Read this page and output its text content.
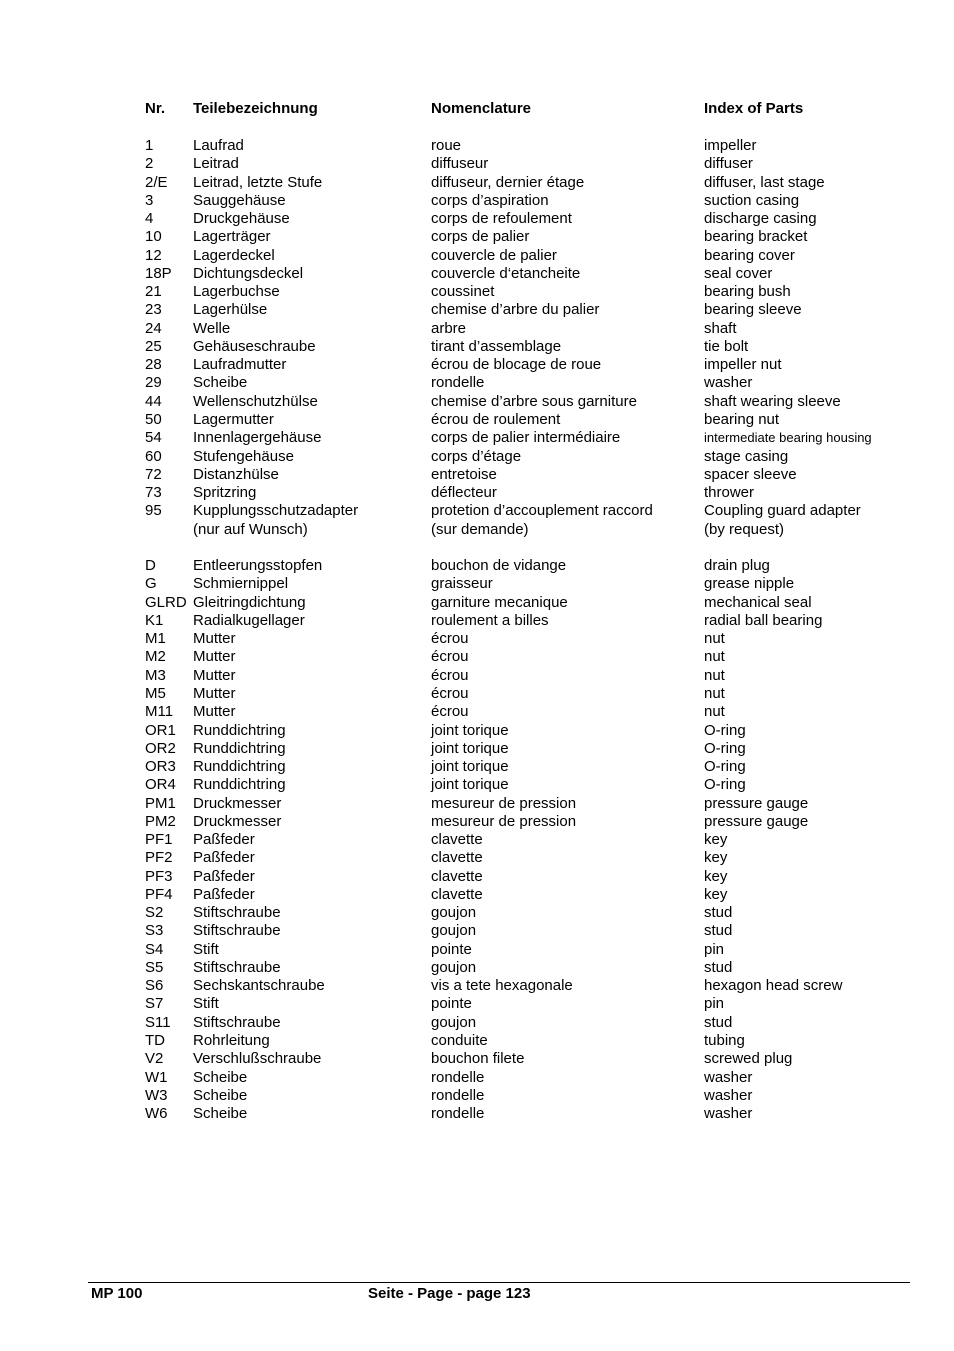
Nr. Teilebezeichnung	Nomenclature	Index of Parts
1	Laufrad	roue	impeller
2	Leitrad	diffuseur	diffuser
2/E Leitrad, letzte Stufe	diffuseur, dernier étage	diffuser, last stage
3	Sauggehäuse	corps d’aspiration	suction casing
4	Druckgehäuse	corps de refoulement	discharge casing
10 Lagerträger	corps de palier	bearing bracket
12 Lagerdeckel	couvercle de palier	bearing cover
18P Dichtungsdeckel	couvercle d‘etancheite	seal cover
21 Lagerbuchse	coussinet	bearing bush
23 Lagerhülse	chemise d’arbre du palier	bearing sleeve
24 Welle	arbre	shaft
25 Gehäuseschraube	tirant d’assemblage	tie bolt
28 Laufradmutter	écrou de blocage de roue	impeller nut
29 Scheibe	rondelle	washer
44 Wellenschutzhülse	chemise d’arbre sous garniture	shaft wearing sleeve
50 Lagermutter	écrou de roulement	bearing nut
54 Innenlagergehäuse	corps de palier intermédiaire	intermediate bearing housing
60 Stufengehäuse	corps d’étage	stage casing
72 Distanzhülse	entretoise	spacer sleeve
73 Spritzring	déflecteur	thrower
95 Kupplungsschutzadapter	protetion d’accouplement raccord	Coupling guard adapter
(nur auf Wunsch)	(sur demande)	(by request)
D Entleerungsstopfen	bouchon de vidange	drain plug
G Schmiernippel	graisseur	grease nipple
GLRD Gleitringdichtung	garniture mecanique	mechanical seal
K1 Radialkugellager	roulement a billes	radial ball bearing
M1 Mutter	écrou	nut
M2 Mutter	écrou	nut
M3 Mutter	écrou	nut
M5 Mutter	écrou	nut
M11 Mutter	écrou	nut
OR1 Runddichtring	joint torique	O-ring
OR2 Runddichtring	joint torique	O-ring
OR3 Runddichtring	joint torique	O-ring
OR4 Runddichtring	joint torique	O-ring
PM1 Druckmesser	mesureur de pression	pressure gauge
PM2 Druckmesser	mesureur de pression	pressure gauge
PF1 Paßfeder	clavette	key
PF2 Paßfeder	clavette	key
PF3 Paßfeder	clavette	key
PF4 Paßfeder	clavette	key
S2 Stiftschraube	goujon	stud
S3 Stiftschraube	goujon	stud
S4 Stift	pointe	pin
S5 Stiftschraube	goujon	stud
S6 Sechskantschraube	vis a tete hexagonale	hexagon head screw
S7 Stift	pointe	pin
S11 Stiftschraube	goujon	stud
TD Rohrleitung	conduite	tubing
V2 Verschlußschraube	bouchon filete	screwed plug
W1 Scheibe	rondelle	washer
W3 Scheibe	rondelle	washer
W6 Scheibe	rondelle	washer
MP 100	Seite - Page - page 123
